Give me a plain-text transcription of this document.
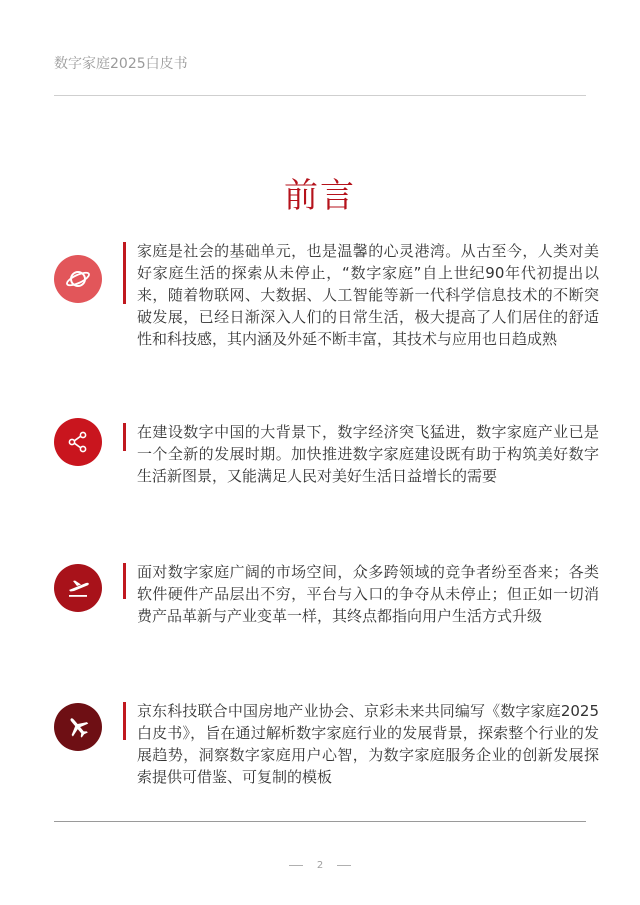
数字家庭2025白皮书
前言
家庭是社会的基础单元，也是温馨的心灵港湾。从古至今，人类对美好家庭生活的探索从未停止，“数字家庭”自上世纪90年代初提出以来，随着物联网、大数据、人工智能等新一代科学信息技术的不断突破发展，已经日渐深入人们的日常生活，极大提高了人们居住的舒适性和科技感，其内涵及外延不断丰富，其技术与应用也日趋成熟
在建设数字中国的大背景下，数字经济突飞猛进，数字家庭产业已是一个全新的发展时期。加快推进数字家庭建设既有助于构筑美好数字生活新图景，又能满足人民对美好生活日益增长的需要
面对数字家庭广阔的市场空间，众多跨领域的竞争者纷至沓来；各类软件硬件产品层出不穷，平台与入口的争夺从未停止；但正如一切消费产品革新与产业变革一样，其终点都指向用户生活方式升级
京东科技联合中国房地产业协会、京彩未来共同编写《数字家庭2025白皮书》，旨在通过解析数字家庭行业的发展背景，探索整个行业的发展趋势，洞察数字家庭用户心智，为数字家庭服务企业的创新发展探索提供可借鉴、可复制的模板
2
